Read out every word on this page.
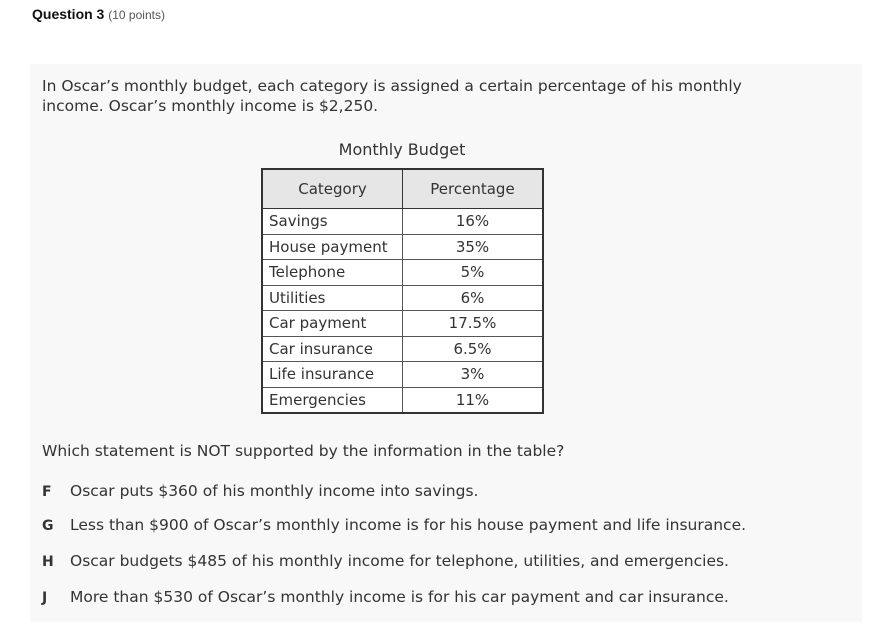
Question 3 (10 points)
In Oscar’s monthly budget, each category is assigned a certain percentage of his monthly income. Oscar’s monthly income is $2,250.
Monthly Budget
Category	Percentage
Savings	16%
House payment	35%
Telephone	5%
Utilities	6%
Car payment	17.5%
Car insurance	6.5%
Life insurance	3%
Emergencies	11%
Which statement is NOT supported by the information in the table?
F Oscar puts $360 of his monthly income into savings.
G Less than $900 of Oscar’s monthly income is for his house payment and life insurance.
H Oscar budgets $485 of his monthly income for telephone, utilities, and emergencies.
J More than $530 of Oscar’s monthly income is for his car payment and car insurance.
